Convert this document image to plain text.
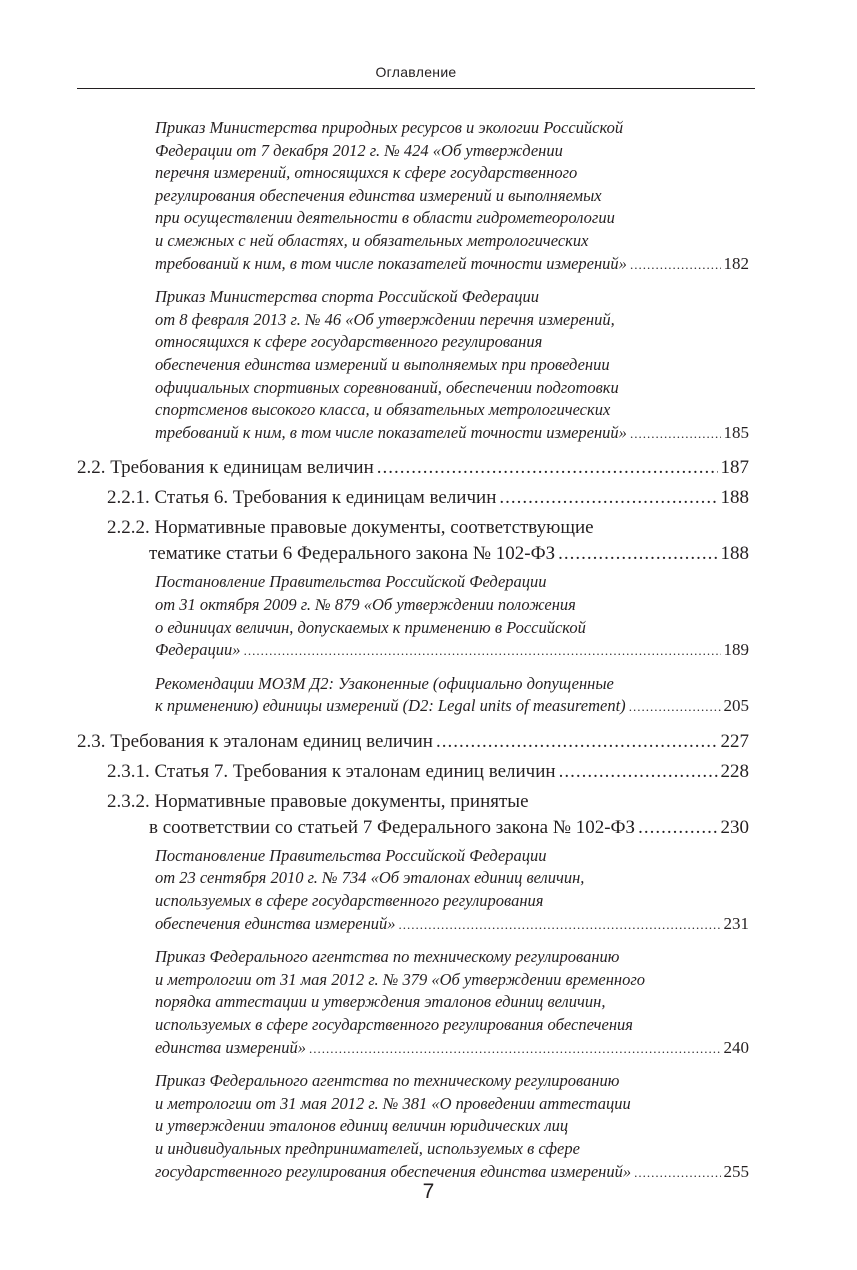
Оглавление
Приказ Министерства природных ресурсов и экологии Российской
Федерации от 7 декабря 2012 г. № 424 «Об утверждении
перечня измерений, относящихся к сфере государственного
регулирования обеспечения единства измерений и выполняемых
при осуществлении деятельности в области гидрометеорологии
и смежных с ней областях, и обязательных метрологических
требований к ним, в том числе показателей точности измерений» .....	182
Приказ Министерства спорта Российской Федерации
от 8 февраля 2013 г. № 46 «Об утверждении перечня измерений,
относящихся к сфере государственного регулирования
обеспечения единства измерений и выполняемых при проведении
официальных спортивных соревнований, обеспечении подготовки
спортсменов высокого класса, и обязательных метрологических
требований к ним, в том числе показателей точности измерений» .....	185
2.2. Требования к единицам величин .....	187
2.2.1. Статья 6. Требования к единицам величин .....	188
2.2.2. Нормативные правовые документы, соответствующие
тематике статьи 6 Федерального закона № 102-ФЗ .....	188
Постановление Правительства Российской Федерации
от 31 октября 2009 г. № 879 «Об утверждении положения
о единицах величин, допускаемых к применению в Российской
Федерации» .....	189
Рекомендации МОЗМ Д2: Узаконенные (официально допущенные
к применению) единицы измерений (D2: Legal units of measurement) .....	205
2.3. Требования к эталонам единиц величин .....	227
2.3.1. Статья 7. Требования к эталонам единиц величин .....	228
2.3.2. Нормативные правовые документы, принятые
в соответствии со статьей 7 Федерального закона № 102-ФЗ .....	230
Постановление Правительства Российской Федерации
от 23 сентября 2010 г. № 734 «Об эталонах единиц величин,
используемых в сфере государственного регулирования
обеспечения единства измерений» .....	231
Приказ Федерального агентства по техническому регулированию
и метрологии от 31 мая 2012 г. № 379 «Об утверждении временного
порядка аттестации и утверждения эталонов единиц величин,
используемых в сфере государственного регулирования обеспечения
единства измерений» .....	240
Приказ Федерального агентства по техническому регулированию
и метрологии от 31 мая 2012 г. № 381 «О проведении аттестации
и утверждении эталонов единиц величин юридических лиц
и индивидуальных предпринимателей, используемых в сфере
государственного регулирования обеспечения единства измерений» .....	255
7
